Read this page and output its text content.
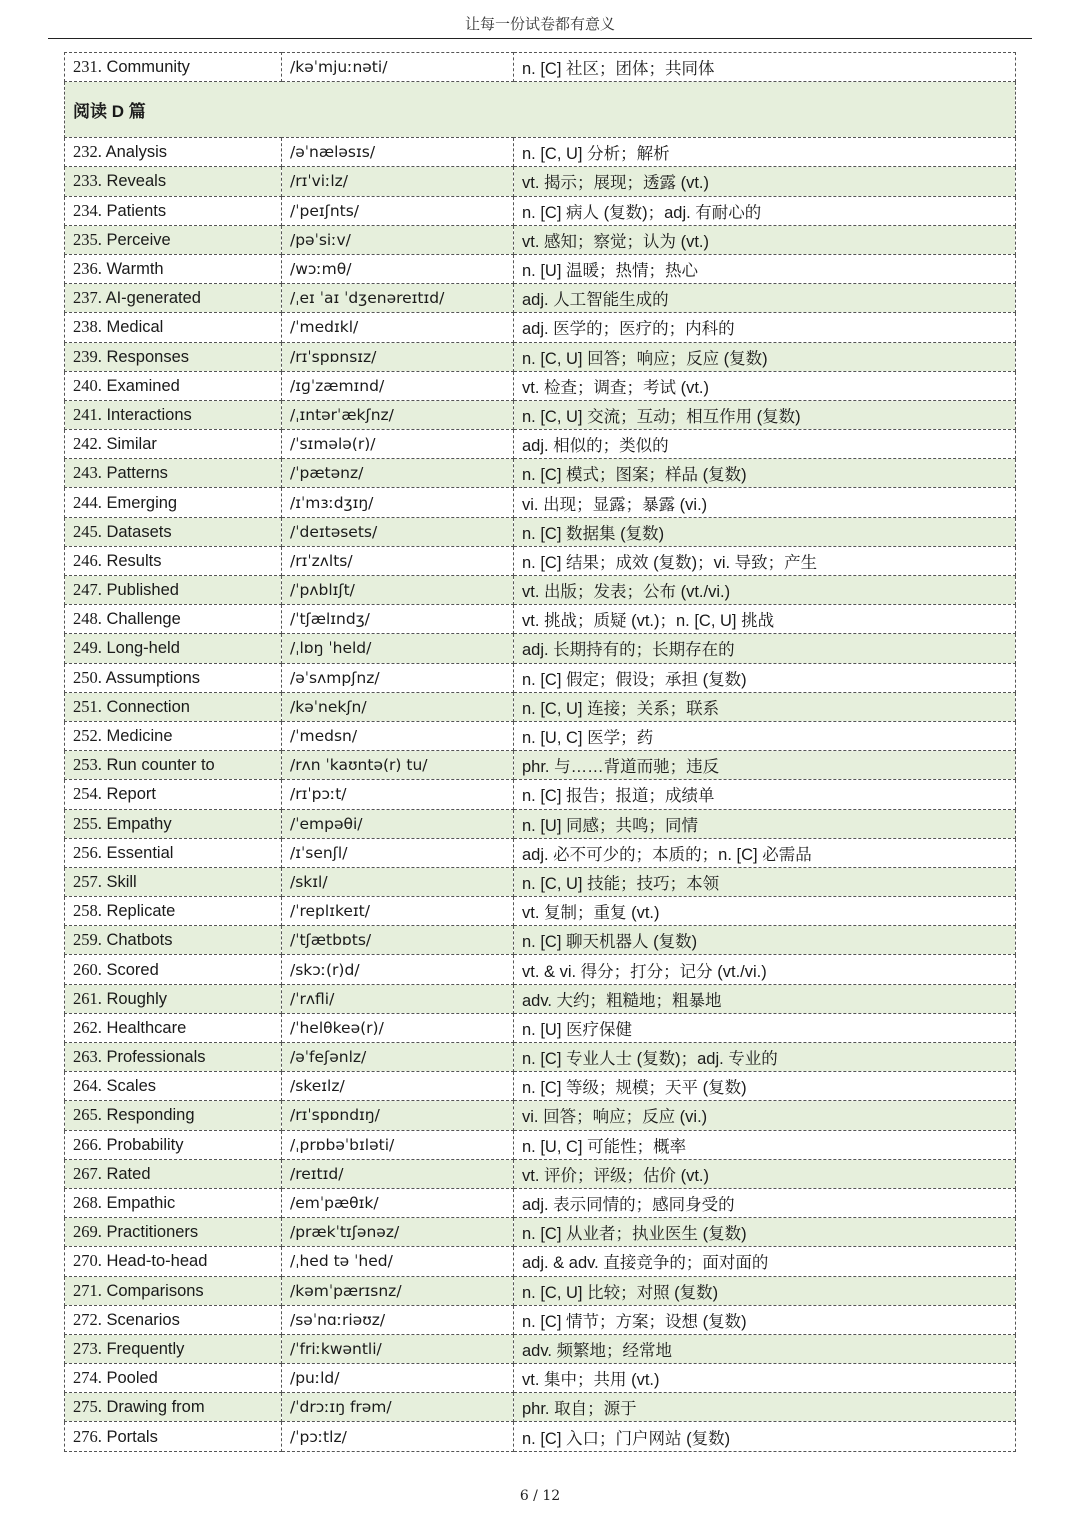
让每一份试卷都有意义
231. Community	/kəˈmjuːnəti/	n. [C] 社区；团体；共同体
阅读 D 篇		
232. Analysis	/əˈnæləsɪs/	n. [C, U] 分析；解析
233. Reveals	/rɪˈviːlz/	vt. 揭示；展现；透露 (vt.)
234. Patients	/ˈpeɪʃnts/	n. [C] 病人 (复数)；adj. 有耐心的
235. Perceive	/pəˈsiːv/	vt. 感知；察觉；认为 (vt.)
236. Warmth	/wɔːmθ/	n. [U] 温暖；热情；热心
237. AI-generated	/ˌeɪ ˈaɪ ˈdʒenəreɪtɪd/	adj. 人工智能生成的
238. Medical	/ˈmedɪkl/	adj. 医学的；医疗的；内科的
239. Responses	/rɪˈspɒnsɪz/	n. [C, U] 回答；响应；反应 (复数)
240. Examined	/ɪɡˈzæmɪnd/	vt. 检查；调查；考试 (vt.)
241. Interactions	/ˌɪntərˈækʃnz/	n. [C, U] 交流；互动；相互作用 (复数)
242. Similar	/ˈsɪmələ(r)/	adj. 相似的；类似的
243. Patterns	/ˈpætənz/	n. [C] 模式；图案；样品 (复数)
244. Emerging	/ɪˈmɜːdʒɪŋ/	vi. 出现；显露；暴露 (vi.)
245. Datasets	/ˈdeɪtəsets/	n. [C] 数据集 (复数)
246. Results	/rɪˈzʌlts/	n. [C] 结果；成效 (复数)；vi. 导致；产生
247. Published	/ˈpʌblɪʃt/	vt. 出版；发表；公布 (vt./vi.)
248. Challenge	/ˈtʃælɪndʒ/	vt. 挑战；质疑 (vt.)；n. [C, U] 挑战
249. Long-held	/ˌlɒŋ ˈheld/	adj. 长期持有的；长期存在的
250. Assumptions	/əˈsʌmpʃnz/	n. [C] 假定；假设；承担 (复数)
251. Connection	/kəˈnekʃn/	n. [C, U] 连接；关系；联系
252. Medicine	/ˈmedsn/	n. [U, C] 医学；药
253. Run counter to	/rʌn ˈkaʊntə(r) tu/	phr. 与……背道而驰；违反
254. Report	/rɪˈpɔːt/	n. [C] 报告；报道；成绩单
255. Empathy	/ˈempəθi/	n. [U] 同感；共鸣；同情
256. Essential	/ɪˈsenʃl/	adj. 必不可少的；本质的；n. [C] 必需品
257. Skill	/skɪl/	n. [C, U] 技能；技巧；本领
258. Replicate	/ˈreplɪkeɪt/	vt. 复制；重复 (vt.)
259. Chatbots	/ˈtʃætbɒts/	n. [C] 聊天机器人 (复数)
260. Scored	/skɔː(r)d/	vt. & vi. 得分；打分；记分 (vt./vi.)
261. Roughly	/ˈrʌfli/	adv. 大约；粗糙地；粗暴地
262. Healthcare	/ˈhelθkeə(r)/	n. [U] 医疗保健
263. Professionals	/əˈfeʃənlz/	n. [C] 专业人士 (复数)；adj. 专业的
264. Scales	/skeɪlz/	n. [C] 等级；规模；天平 (复数)
265. Responding	/rɪˈspɒndɪŋ/	vi. 回答；响应；反应 (vi.)
266. Probability	/ˌprɒbəˈbɪləti/	n. [U, C] 可能性；概率
267. Rated	/reɪtɪd/	vt. 评价；评级；估价 (vt.)
268. Empathic	/emˈpæθɪk/	adj. 表示同情的；感同身受的
269. Practitioners	/prækˈtɪʃənəz/	n. [C] 从业者；执业医生 (复数)
270. Head-to-head	/ˌhed tə ˈhed/	adj. & adv. 直接竞争的；面对面的
271. Comparisons	/kəmˈpærɪsnz/	n. [C, U] 比较；对照 (复数)
272. Scenarios	/səˈnɑːriəʊz/	n. [C] 情节；方案；设想 (复数)
273. Frequently	/ˈfriːkwəntli/	adv. 频繁地；经常地
274. Pooled	/puːld/	vt. 集中；共用 (vt.)
275. Drawing from	/ˈdrɔːɪŋ frəm/	phr. 取自；源于
276. Portals	/ˈpɔːtlz/	n. [C] 入口；门户网站 (复数)
6 / 12
